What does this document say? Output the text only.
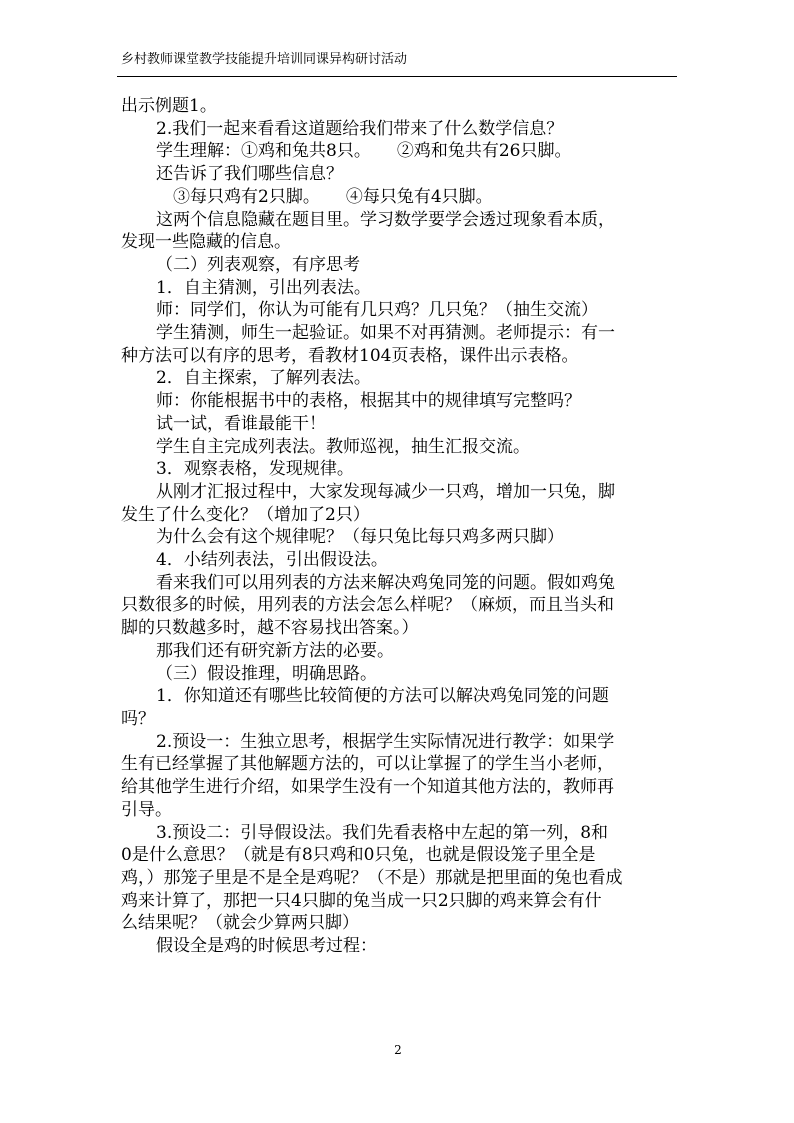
乡村教师课堂教学技能提升培训同课异构研讨活动

出示例题1。

2.我们一起来看看这道题给我们带来了什么数学信息？

学生理解：①鸡和兔共8只。 ②鸡和兔共有26只脚。

还告诉了我们哪些信息？

③每只鸡有2只脚。 ④每只兔有4只脚。

这两个信息隐藏在题目里。学习数学要学会透过现象看本质，

发现一些隐藏的信息。

（二）列表观察，有序思考

1．自主猜测，引出列表法。

师：同学们，你认为可能有几只鸡？几只兔？（抽生交流）

学生猜测，师生一起验证。如果不对再猜测。老师提示：有一

种方法可以有序的思考，看教材104页表格，课件出示表格。

2．自主探索，了解列表法。

师：你能根据书中的表格，根据其中的规律填写完整吗？

试一试，看谁最能干！

学生自主完成列表法。教师巡视，抽生汇报交流。

3．观察表格，发现规律。

从刚才汇报过程中，大家发现每减少一只鸡，增加一只兔，脚

发生了什么变化？（增加了2只）

为什么会有这个规律呢？（每只兔比每只鸡多两只脚）

4．小结列表法，引出假设法。

看来我们可以用列表的方法来解决鸡兔同笼的问题。假如鸡兔

只数很多的时候，用列表的方法会怎么样呢？（麻烦，而且当头和

脚的只数越多时，越不容易找出答案。）

那我们还有研究新方法的必要。

（三）假设推理，明确思路。

1．你知道还有哪些比较简便的方法可以解决鸡兔同笼的问题

吗？

2.预设一：生独立思考，根据学生实际情况进行教学：如果学

生有已经掌握了其他解题方法的，可以让掌握了的学生当小老师，

给其他学生进行介绍，如果学生没有一个知道其他方法的，教师再

引导。

3.预设二：引导假设法。我们先看表格中左起的第一列，8和

0是什么意思？（就是有8只鸡和0只兔，也就是假设笼子里全是

鸡，）那笼子里是不是全是鸡呢？（不是）那就是把里面的兔也看成

鸡来计算了，那把一只4只脚的兔当成一只2只脚的鸡来算会有什

么结果呢？（就会少算两只脚）

假设全是鸡的时候思考过程：

2
